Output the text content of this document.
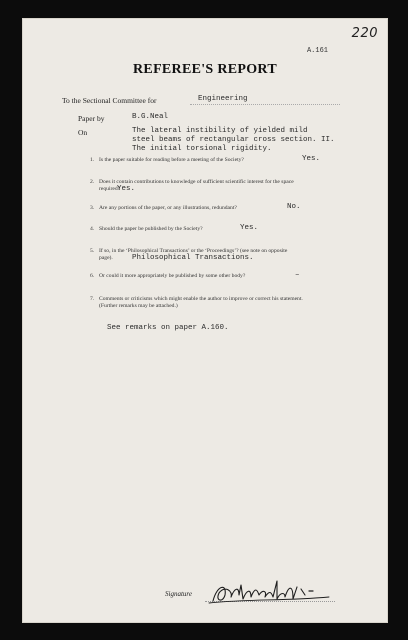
220
A.161
REFEREE'S REPORT
To the Sectional Committee for	Engineering
Paper by	B.G.Neal
On	The lateral instibility of yielded mild
steel beams of rectangular cross section. II.
The initial torsional rigidity.
1. Is the paper suitable for reading before a meeting of the Society?	Yes.
2. Does it contain contributions to knowledge of sufficient scientific interest for the space
required?
Yes.
3. Are any portions of the paper, or any illustrations, redundant?	No.
4. Should the paper be published by the Society?	Yes.
5. If so, in the ‘Philosophical Transactions’ or the ‘Proceedings’? (see note on opposite
page).	Philosophical Transactions.
6. Or could it more appropriately be published by some other body?	–
7. Comments or criticisms which might enable the author to improve or correct his statement.
(Further remarks may be attached.)
See remarks on paper A.160.
Signature
